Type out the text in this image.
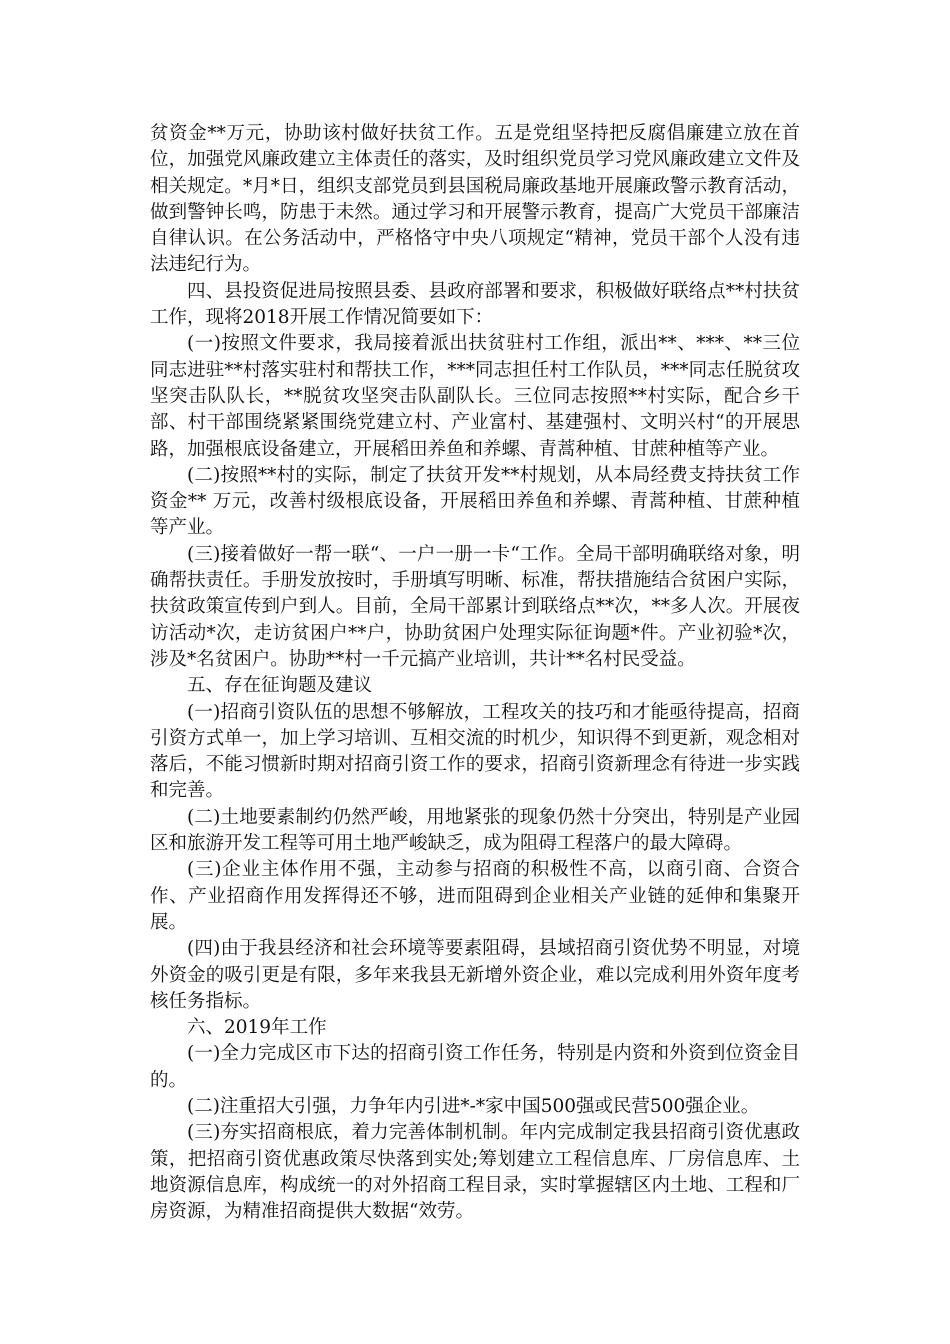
贫资金**万元，协助该村做好扶贫工作。五是党组坚持把反腐倡廉建立放在首位，加强党风廉政建立主体责任的落实，及时组织党员学习党风廉政建立文件及相关规定。*月*日，组织支部党员到县国税局廉政基地开展廉政警示教育活动，做到警钟长鸣，防患于未然。通过学习和开展警示教育，提高广大党员干部廉洁自律认识。在公务活动中，严格恪守中央八项规定“精神，党员干部个人没有违法违纪行为。

四、县投资促进局按照县委、县政府部署和要求，积极做好联络点**村扶贫工作，现将2018开展工作情况简要如下：

(一)按照文件要求，我局接着派出扶贫驻村工作组，派出**、***、**三位同志进驻**村落实驻村和帮扶工作，***同志担任村工作队员，***同志任脱贫攻坚突击队队长，**脱贫攻坚突击队副队长。三位同志按照**村实际，配合乡干部、村干部围绕紧紧围绕党建立村、产业富村、基建强村、文明兴村“的开展思路，加强根底设备建立，开展稻田养鱼和养螺、青蒿种植、甘蔗种植等产业。

(二)按照**村的实际，制定了扶贫开发**村规划，从本局经费支持扶贫工作资金** 万元，改善村级根底设备，开展稻田养鱼和养螺、青蒿种植、甘蔗种植等产业。

(三)接着做好一帮一联“、一户一册一卡“工作。全局干部明确联络对象，明确帮扶责任。手册发放按时，手册填写明晰、标准，帮扶措施结合贫困户实际，扶贫政策宣传到户到人。目前，全局干部累计到联络点**次，**多人次。开展夜访活动*次，走访贫困户**户，协助贫困户处理实际征询题*件。产业初验*次，涉及*名贫困户。协助**村一千元搞产业培训，共计**名村民受益。

五、存在征询题及建议

(一)招商引资队伍的思想不够解放，工程攻关的技巧和才能亟待提高，招商引资方式单一，加上学习培训、互相交流的时机少，知识得不到更新，观念相对落后，不能习惯新时期对招商引资工作的要求，招商引资新理念有待进一步实践和完善。

(二)土地要素制约仍然严峻，用地紧张的现象仍然十分突出，特别是产业园区和旅游开发工程等可用土地严峻缺乏，成为阻碍工程落户的最大障碍。

(三)企业主体作用不强，主动参与招商的积极性不高，以商引商、合资合作、产业招商作用发挥得还不够，进而阻碍到企业相关产业链的延伸和集聚开展。

(四)由于我县经济和社会环境等要素阻碍，县域招商引资优势不明显，对境外资金的吸引更是有限，多年来我县无新增外资企业，难以完成利用外资年度考核任务指标。

六、2019年工作

(一)全力完成区市下达的招商引资工作任务，特别是内资和外资到位资金目的。

(二)注重招大引强，力争年内引进*-*家中国500强或民营500强企业。

(三)夯实招商根底，着力完善体制机制。年内完成制定我县招商引资优惠政策，把招商引资优惠政策尽快落到实处;筹划建立工程信息库、厂房信息库、土地资源信息库，构成统一的对外招商工程目录，实时掌握辖区内土地、工程和厂房资源，为精准招商提供大数据“效劳。
